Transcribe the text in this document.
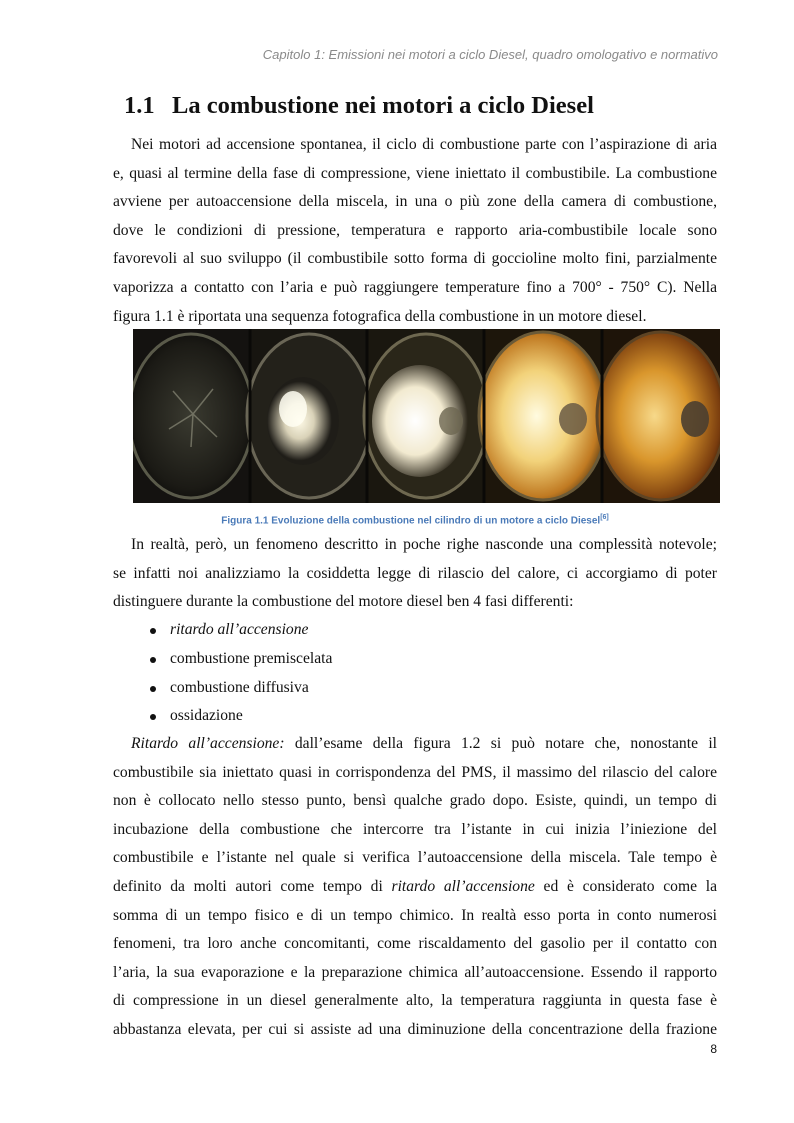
Capitolo 1: Emissioni nei motori a ciclo Diesel, quadro omologativo e normativo
1.1 La combustione nei motori a ciclo Diesel
Nei motori ad accensione spontanea, il ciclo di combustione parte con l’aspirazione di aria
e, quasi al termine della fase di compressione, viene iniettato il combustibile. La combustione
avviene per autoaccensione della miscela, in una o più zone della camera di combustione,
dove le condizioni di pressione, temperatura e rapporto aria-combustibile locale sono
favorevoli al suo sviluppo (il combustibile sotto forma di goccioline molto fini, parzialmente
vaporizza a contatto con l’aria e può raggiungere temperature fino a 700° - 750° C). Nella
figura 1.1 è riportata una sequenza fotografica della combustione in un motore diesel.
Figura 1.1 Evoluzione della combustione nel cilindro di un motore a ciclo Diesel[6]
In realtà, però, un fenomeno descritto in poche righe nasconde una complessità notevole;
se infatti noi analizziamo la cosiddetta legge di rilascio del calore, ci accorgiamo di poter
distinguere durante la combustione del motore diesel ben 4 fasi differenti:
ritardo all’accensione
combustione premiscelata
combustione diffusiva
ossidazione
Ritardo all’accensione: dall’esame della figura 1.2 si può notare che, nonostante il
combustibile sia iniettato quasi in corrispondenza del PMS, il massimo del rilascio del calore
non è collocato nello stesso punto, bensì qualche grado dopo. Esiste, quindi, un tempo di
incubazione della combustione che intercorre tra l’istante in cui inizia l’iniezione del
combustibile e l’istante nel quale si verifica l’autoaccensione della miscela. Tale tempo è
definito da molti autori come tempo di ritardo all’accensione ed è considerato come la
somma di un tempo fisico e di un tempo chimico. In realtà esso porta in conto numerosi
fenomeni, tra loro anche concomitanti, come riscaldamento del gasolio per il contatto con
l’aria, la sua evaporazione e la preparazione chimica all’autoaccensione. Essendo il rapporto
di compressione in un diesel generalmente alto, la temperatura raggiunta in questa fase è
abbastanza elevata, per cui si assiste ad una diminuzione della concentrazione della frazione
8
